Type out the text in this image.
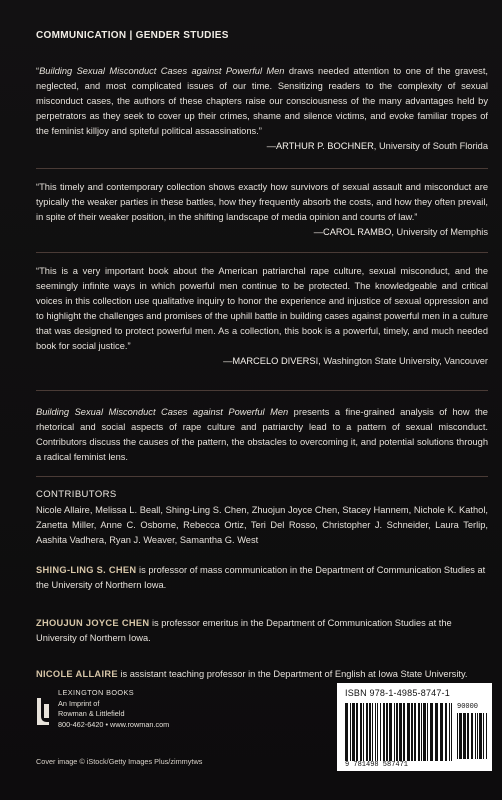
COMMUNICATION | GENDER STUDIES

“Building Sexual Misconduct Cases against Powerful Men draws needed attention to one of the gravest, neglected, and most complicated issues of our time. Sensitizing readers to the complexity of sexual misconduct cases, the authors of these chapters raise our consciousness of the many advantages held by perpetrators as they seek to cover up their crimes, shame and silence victims, and evoke familiar tropes of the feminist killjoy and spiteful political assassinations.”

—ARTHUR P. BOCHNER, University of South Florida

“This timely and contemporary collection shows exactly how survivors of sexual assault and misconduct are typically the weaker parties in these battles, how they frequently absorb the costs, and how they often prevail, in spite of their weaker position, in the shifting landscape of media opinion and courts of law.”

—CAROL RAMBO, University of Memphis

“This is a very important book about the American patriarchal rape culture, sexual misconduct, and the seemingly infinite ways in which powerful men continue to be protected. The knowledgeable and critical voices in this collection use qualitative inquiry to honor the experience and injustice of sexual oppression and to highlight the challenges and promises of the uphill battle in building cases against powerful men in a culture that was designed to protect powerful men. As a collection, this book is a powerful, timely, and much needed book for social justice.”

—MARCELO DIVERSI, Washington State University, Vancouver

Building Sexual Misconduct Cases against Powerful Men presents a fine-grained analysis of how the rhetorical and social aspects of rape culture and patriarchy lead to a pattern of sexual misconduct. Contributors discuss the causes of the pattern, the obstacles to overcoming it, and potential solutions through a radical feminist lens.
CONTRIBUTORS
Nicole Allaire, Melissa L. Beall, Shing-Ling S. Chen, Zhuojun Joyce Chen, Stacey Hannem, Nichole K. Kathol, Zanetta Miller, Anne C. Osborne, Rebecca Ortiz, Teri Del Rosso, Christopher J. Schneider, Laura Terlip, Aashita Vadhera, Ryan J. Weaver, Samantha G. West
SHING-LING S. CHEN is professor of mass communication in the Department of Communication Studies at the University of Northern Iowa.
ZHOUJUN JOYCE CHEN is professor emeritus in the Department of Communication Studies at the University of Northern Iowa.
NICOLE ALLAIRE is assistant teaching professor in the Department of English at Iowa State University.
LEXINGTON BOOKS
An Imprint of
Rowman & Littlefield
800-462-6420 • www.rowman.com
Cover image © iStock/Getty Images Plus/zimmytws
ISBN 978-1-4985-8747-1
90000
9 781498 587471
